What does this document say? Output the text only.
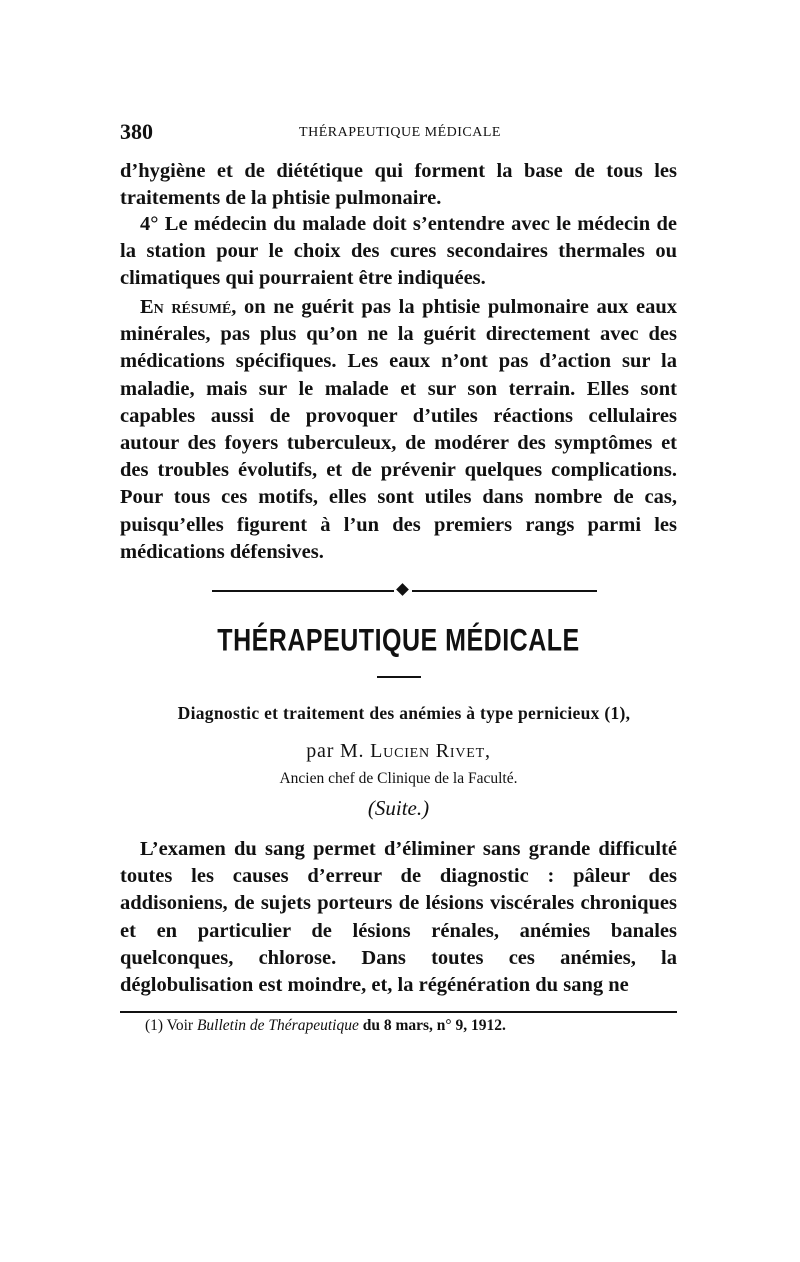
380	THÉRAPEUTIQUE MÉDICALE

d’hygiène et de diététique qui forment la base de tous les traitements de la phtisie pulmonaire.

4° Le médecin du malade doit s’entendre avec le médecin de la station pour le choix des cures secondaires thermales ou climatiques qui pourraient être indiquées.

En résumé, on ne guérit pas la phtisie pulmonaire aux eaux minérales, pas plus qu’on ne la guérit directement avec des médications spécifiques. Les eaux n’ont pas d’action sur la maladie, mais sur le malade et sur son terrain. Elles sont capables aussi de provoquer d’utiles réactions cellulaires autour des foyers tuberculeux, de modérer des symptômes et des troubles évolutifs, et de prévenir quelques complications. Pour tous ces motifs, elles sont utiles dans nombre de cas, puisqu’elles figurent à l’un des premiers rangs parmi les médications défensives.

THÉRAPEUTIQUE MÉDICALE
Diagnostic et traitement des anémies à type pernicieux (1),
par M. Lucien Rivet,
Ancien chef de Clinique de la Faculté.
(Suite.)

L’examen du sang permet d’éliminer sans grande difficulté toutes les causes d’erreur de diagnostic : pâleur des addisoniens, de sujets porteurs de lésions viscérales chroniques et en particulier de lésions rénales, anémies banales quelconques, chlorose. Dans toutes ces anémies, la déglobulisation est moindre, et, la régénération du sang ne

(1) Voir Bulletin de Thérapeutique du 8 mars, n° 9, 1912.
